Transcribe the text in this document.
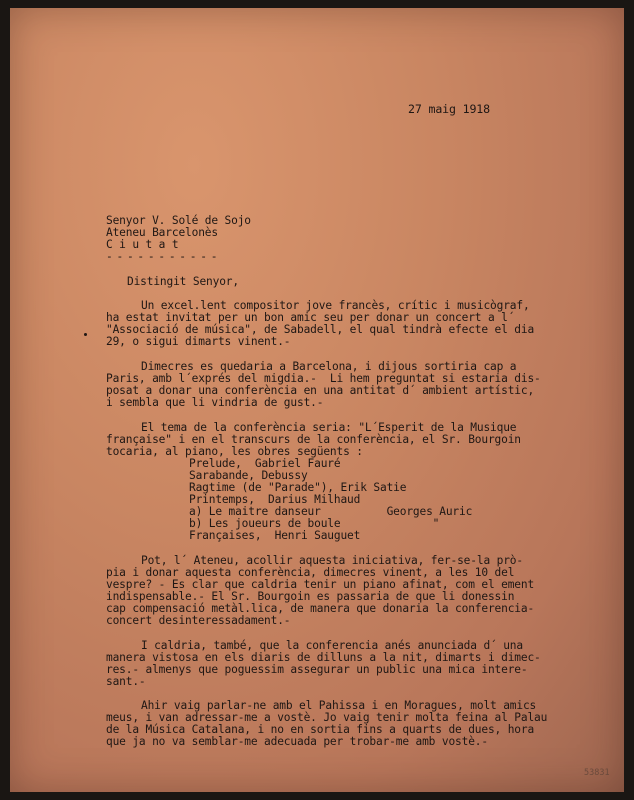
27 maig 1918
Senyor V. Solé de Sojo
Ateneu Barcelonès
C i u t a t
- - - - - - - - - - -
Distingit Senyor,
Un excel.lent compositor jove francès, crític i musicògraf,
ha estat invitat per un bon amic seu per donar un concert a l´
"Associació de música", de Sabadell, el qual tindrà efecte el dia
29, o sigui dimarts vinent.-
Dimecres es quedaria a Barcelona, i dijous sortiria cap a
Paris, amb l´exprés del migdia.-  Li hem preguntat si estaria dis-
posat a donar una conferència en una antitat d´ ambient artístic,
i sembla que li vindria de gust.-
El tema de la conferència seria: "L´Esperit de la Musique
française" i en el transcurs de la conferència, el Sr. Bourgoin
tocaria, al piano, les obres següents :
Prelude,  Gabriel Fauré
Sarabande, Debussy
Ragtime (de "Parade"), Erik Satie
Printemps,  Darius Milhaud
a) Le maitre danseur          Georges Auric
b) Les joueurs de boule              "
Françaises,  Henri Sauguet
Pot, l´ Ateneu, acollir aquesta iniciativa, fer-se-la prò-
pia i donar aquesta conferència, dimecres vinent, a les 10 del
vespre? - Es clar que caldria tenir un piano afinat, com el ement
indispensable.- El Sr. Bourgoin es passaria de que li donessin
cap compensació metàl.lica, de manera que donaria la conferencia-
concert desinteressadament.-
I caldria, també, que la conferencia anés anunciada d´ una
manera vistosa en els diaris de dilluns a la nit, dimarts i dimec-
res.- almenys que poguessim assegurar un public una mica intere-
sant.-
Ahir vaig parlar-ne amb el Pahissa i en Moragues, molt amics
meus, i van adressar-me a vostè. Jo vaig tenir molta feina al Palau
de la Música Catalana, i no en sortia fins a quarts de dues, hora
que ja no va semblar-me adecuada per trobar-me amb vostè.-
53831
